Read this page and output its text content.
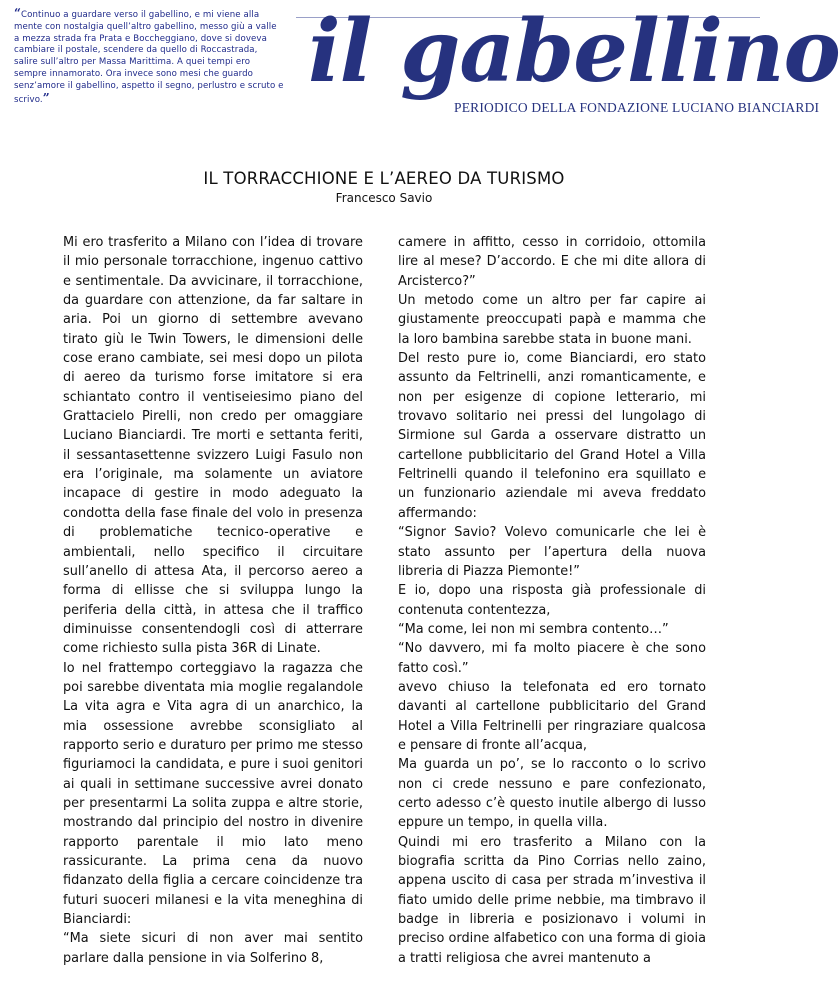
“Continuo a guardare verso il gabellino, e mi viene alla mente con nostalgia quell’altro gabellino, messo giù a valle a mezza strada fra Prata e Boccheggiano, dove si doveva cambiare il postale, scendere da quello di Roccastrada, salire sull’altro per Massa Marittima. A quei tempi ero sempre innamorato. Ora invece sono mesi che guardo senz’amore il gabellino, aspetto il segno, perlustro e scruto e scrivo.”	il gabellino
PERIODICO DELLA FONDAZIONE LUCIANO BIANCIARDI
IL TORRACCHIONE E L’AEREO DA TURISMO
Francesco Savio

Mi ero trasferito a Milano con l’idea di trovare il mio personale torracchione, ingenuo cattivo e sentimentale. Da avvicinare, il torracchione, da guardare con attenzione, da far saltare in aria. Poi un giorno di settembre avevano tirato giù le Twin Towers, le dimensioni delle cose erano cambiate, sei mesi dopo un pilota di aereo da turismo forse imitatore si era schiantato contro il ventiseiesimo piano del Grattacielo Pirelli, non credo per omaggiare Luciano Bianciardi. Tre morti e settanta feriti, il sessantasettenne svizzero Luigi Fasulo non era l’originale, ma solamente un aviatore incapace di gestire in modo adeguato la condotta della fase finale del volo in presenza di problematiche tecnico-operative e ambientali, nello specifico il circuitare sull’anello di attesa Ata, il percorso aereo a forma di ellisse che si sviluppa lungo la periferia della città, in attesa che il traffico diminuisse consentendogli così di atterrare come richiesto sulla pista 36R di Linate.

Io nel frattempo corteggiavo la ragazza che poi sarebbe diventata mia moglie regalandole La vita agra e Vita agra di un anarchico, la mia ossessione avrebbe sconsigliato al rapporto serio e duraturo per primo me stesso figuriamoci la candidata, e pure i suoi genitori ai quali in settimane successive avrei donato per presentarmi La solita zuppa e altre storie, mostrando dal principio del nostro in divenire rapporto parentale il mio lato meno rassicurante. La prima cena da nuovo fidanzato della figlia a cercare coincidenze tra futuri suoceri milanesi e la vita meneghina di Bianciardi:

“Ma siete sicuri di non aver mai sentito parlare dalla pensione in via Solferino 8,

camere in affitto, cesso in corridoio, ottomila lire al mese? D’accordo. E che mi dite allora di Arcisterco?”

Un metodo come un altro per far capire ai giustamente preoccupati papà e mamma che la loro bambina sarebbe stata in buone mani.

Del resto pure io, come Bianciardi, ero stato assunto da Feltrinelli, anzi romanticamente, e non per esigenze di copione letterario, mi trovavo solitario nei pressi del lungolago di Sirmione sul Garda a osservare distratto un cartellone pubblicitario del Grand Hotel a Villa Feltrinelli quando il telefonino era squillato e un funzionario aziendale mi aveva freddato affermando:

“Signor Savio? Volevo comunicarle che lei è stato assunto per l’apertura della nuova libreria di Piazza Piemonte!”

E io, dopo una risposta già professionale di contenuta contentezza,

“Ma come, lei non mi sembra contento…”

“No davvero, mi fa molto piacere è che sono fatto così.”

avevo chiuso la telefonata ed ero tornato davanti al cartellone pubblicitario del Grand Hotel a Villa Feltrinelli per ringraziare qualcosa e pensare di fronte all’acqua,

Ma guarda un po’, se lo racconto o lo scrivo non ci crede nessuno e pare confezionato, certo adesso c’è questo inutile albergo di lusso eppure un tempo, in quella villa.

Quindi mi ero trasferito a Milano con la biografia scritta da Pino Corrias nello zaino, appena uscito di casa per strada m’investiva il fiato umido delle prime nebbie, ma timbravo il badge in libreria e posizionavo i volumi in preciso ordine alfabetico con una forma di gioia a tratti religiosa che avrei mantenuto a
